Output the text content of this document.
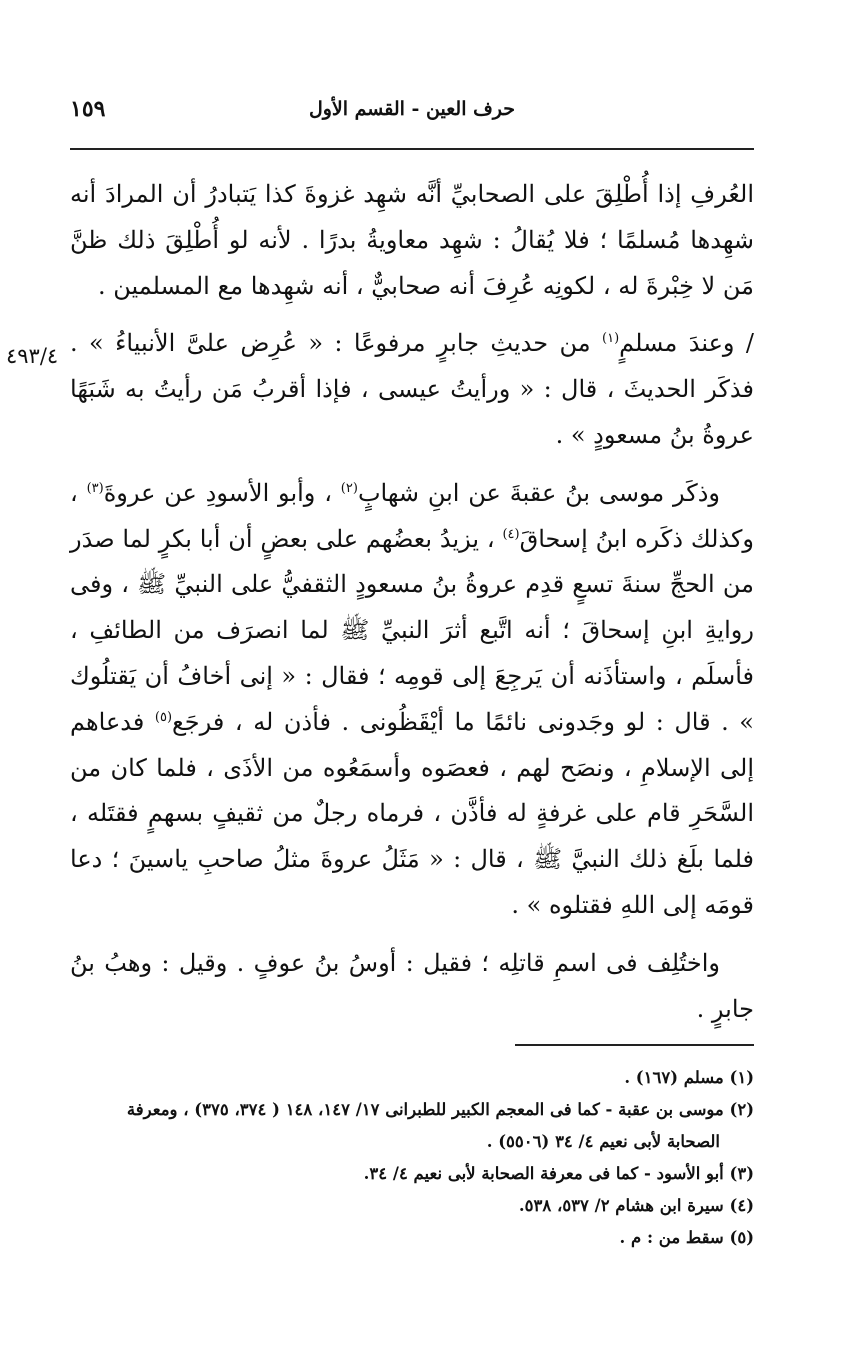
١٥٩	حرف العين - القسم الأول
٤٩٣/٤

العُرفِ إذا أُطْلِقَ على الصحابيِّ أنَّه شهِد غزوةَ كذا يَتبادرُ أن المرادَ أنه شهِدها مُسلمًا ؛ فلا يُقالُ : شهِد معاويةُ بدرًا . لأنه لو أُطْلِقَ ذلك ظنَّ مَن لا خِبْرةَ له ، لكونِه عُرِفَ أنه صحابيٌّ ، أنه شهِدها مع المسلمين .

/ وعندَ مسلمٍ$^{(١)}$ من حديثِ جابرٍ مرفوعًا : « عُرِض علىَّ الأنبياءُ » . فذكَر الحديثَ ، قال : « ورأيتُ عيسى ، فإذا أقربُ مَن رأيتُ به شَبَهًا عروةُ بنُ مسعودٍ » .

وذكَر موسى بنُ عقبةَ عن ابنِ شهابٍ$^{(٢)}$ ، وأبو الأسودِ عن عروةَ$^{(٣)}$ ، وكذلك ذكَره ابنُ إسحاقَ$^{(٤)}$ ، يزيدُ بعضُهم على بعضٍ أن أبا بكرٍ لما صدَر من الحجِّ سنةَ تسعٍ قدِم عروةُ بنُ مسعودٍ الثقفيُّ على النبيِّ ﷺ ، وفى روايةِ ابنِ إسحاقَ ؛ أنه اتَّبع أثرَ النبيِّ ﷺ لما انصرَف من الطائفِ ، فأسلَم ، واستأذَنه أن يَرجِعَ إلى قومِه ؛ فقال : « إنى أخافُ أن يَقتلُوك » . قال : لو وجَدونى نائمًا ما أيْقَظُونى . فأذن له ، فرجَع$^{(٥)}$ فدعاهم إلى الإسلامِ ، ونصَح لهم ، فعصَوه وأسمَعُوه من الأذَى ، فلما كان من السَّحَرِ قام على غرفةٍ له فأذَّن ، فرماه رجلٌ من ثقيفٍ بسهمٍ فقتَله ، فلما بلَغ ذلك النبيَّ ﷺ ، قال : « مَثَلُ عروةَ مثلُ صاحبِ ياسينَ ؛ دعا قومَه إلى اللهِ فقتلوه » .

واختُلِف فى اسمِ قاتلِه ؛ فقيل : أوسُ بنُ عوفٍ . وقيل : وهبُ بنُ جابرٍ .

(١) مسلم (١٦٧) .

(٢) موسى بن عقبة - كما فى المعجم الكبير للطبرانى ١٧/ ١٤٧، ١٤٨ ( ٣٧٤، ٣٧٥) ، ومعرفة

الصحابة لأبى نعيم ٤/ ٣٤ (٥٥٠٦) .

(٣) أبو الأسود - كما فى معرفة الصحابة لأبى نعيم ٤/ ٣٤.

(٤) سيرة ابن هشام ٢/ ٥٣٧، ٥٣٨.

(٥) سقط من : م .
